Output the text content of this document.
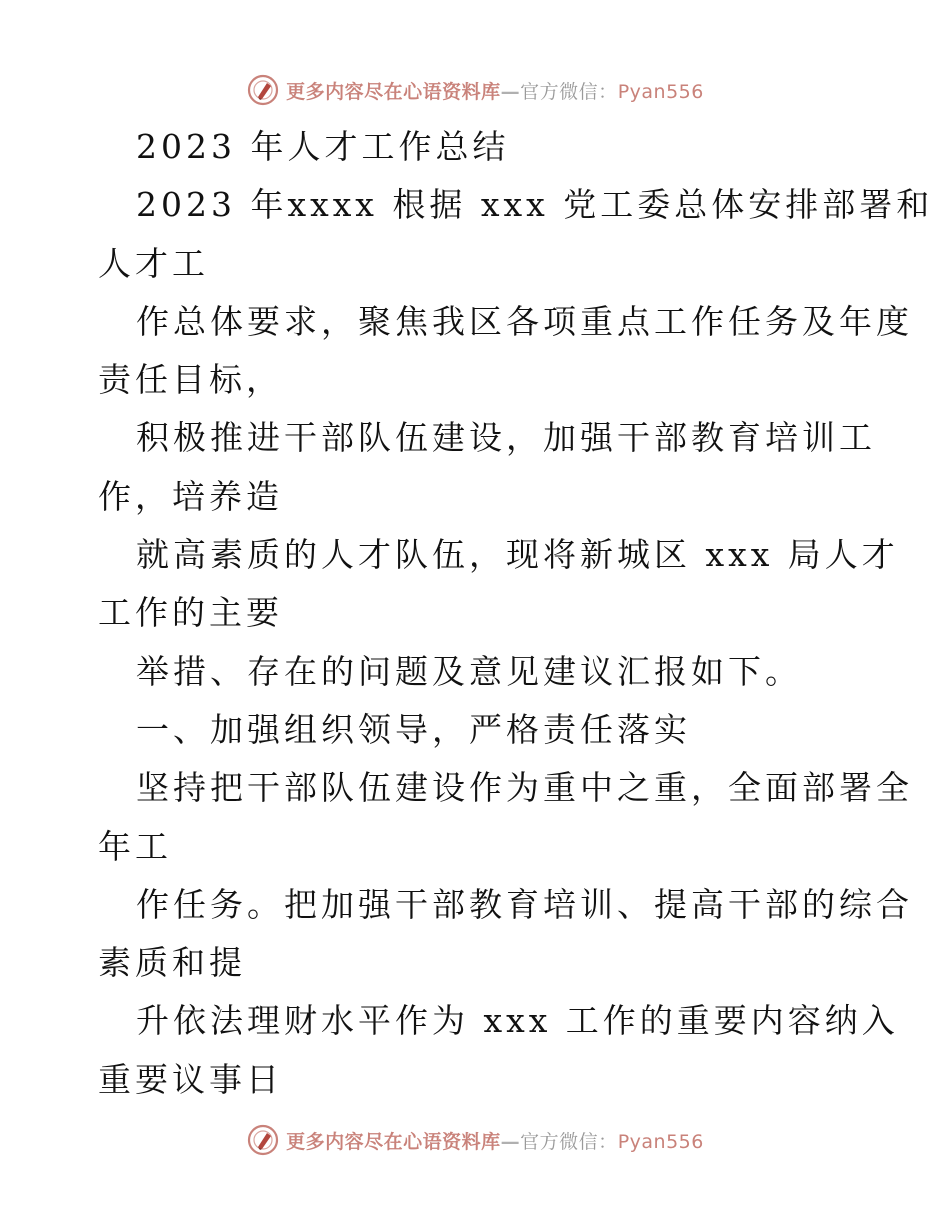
更多内容尽在心语资料库—官方微信：Pyan556
2023 年人才工作总结
2023 年xxxx 根据 xxx 党工委总体安排部署和
人才工
作总体要求，聚焦我区各项重点工作任务及年度
责任目标，
积极推进干部队伍建设，加强干部教育培训工
作，培养造
就高素质的人才队伍，现将新城区 xxx 局人才
工作的主要
举措、存在的问题及意见建议汇报如下。
一、加强组织领导，严格责任落实
坚持把干部队伍建设作为重中之重，全面部署全
年工
作任务。把加强干部教育培训、提高干部的综合
素质和提
升依法理财水平作为 xxx 工作的重要内容纳入
重要议事日
更多内容尽在心语资料库—官方微信：Pyan556
